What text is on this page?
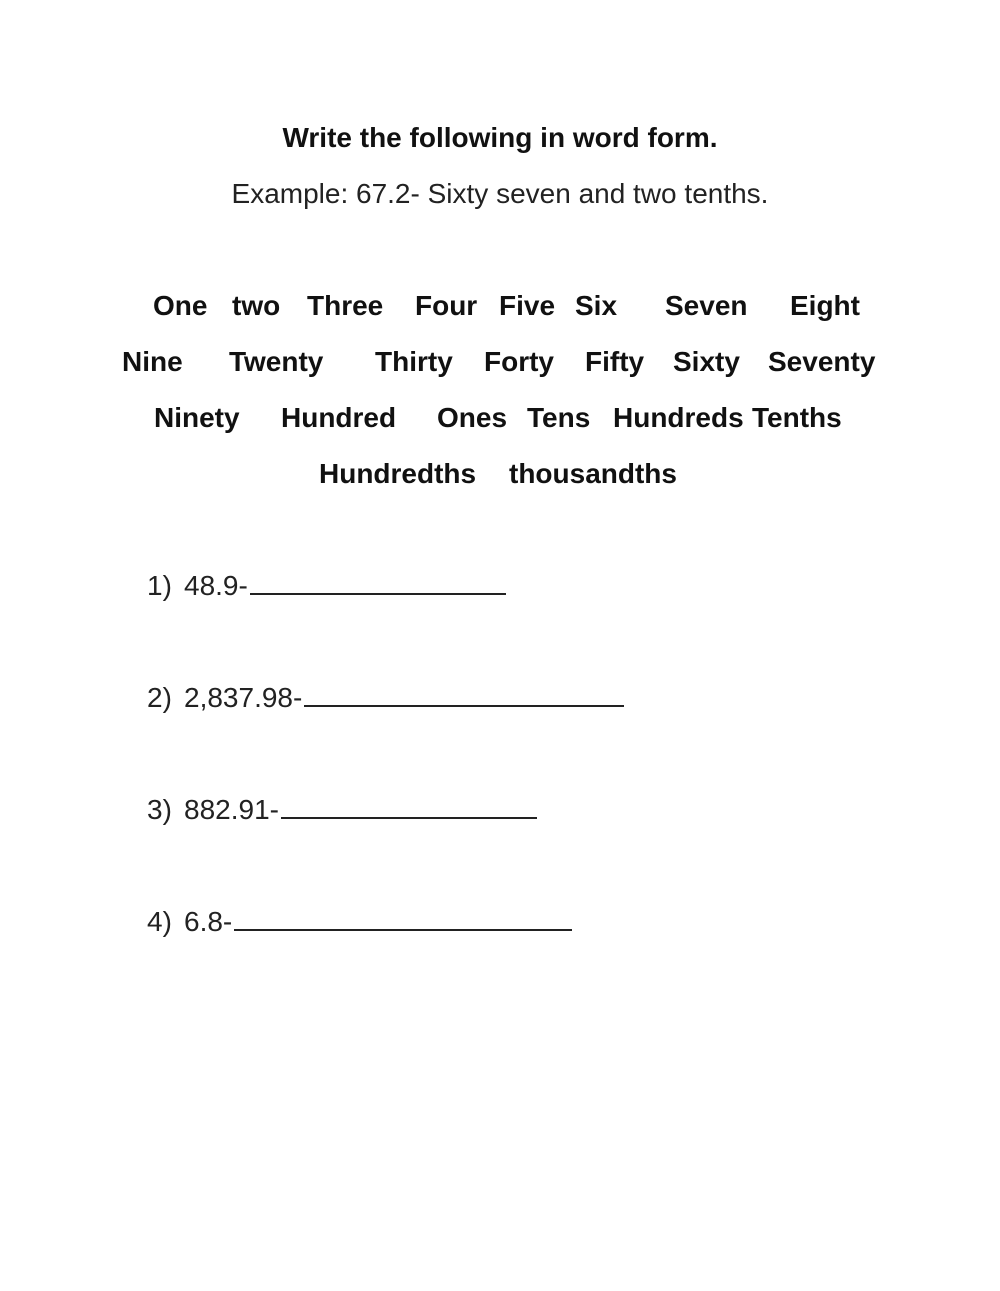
Write the following in word form.
Example: 67.2- Sixty seven and two tenths.
One two Three Four Five Six Seven Eight
Nine Twenty Thirty Forty Fifty Sixty Seventy
Ninety Hundred Ones Tens Hundreds Tenths
Hundredths thousandths
1) 48.9-
2) 2,837.98-
3) 882.91-
4) 6.8-
